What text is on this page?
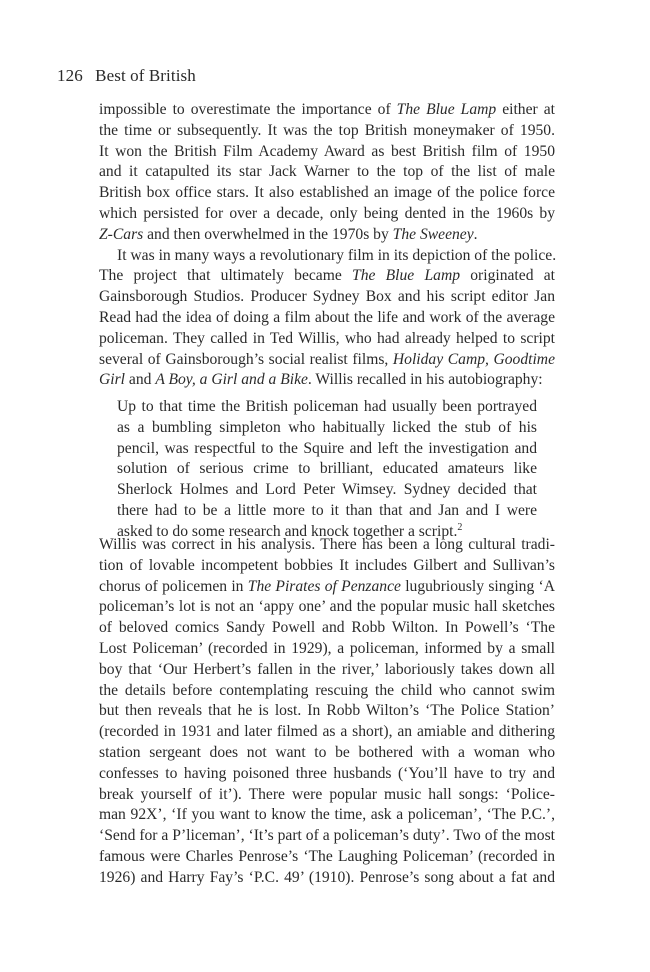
126 Best of British
impossible to overestimate the importance of The Blue Lamp either at
the time or subsequently. It was the top British moneymaker of 1950.
It won the British Film Academy Award as best British film of 1950
and it catapulted its star Jack Warner to the top of the list of male
British box office stars. It also established an image of the police force
which persisted for over a decade, only being dented in the 1960s by
Z-Cars and then overwhelmed in the 1970s by The Sweeney.
It was in many ways a revolutionary film in its depiction of the police.
The project that ultimately became The Blue Lamp originated at
Gainsborough Studios. Producer Sydney Box and his script editor Jan
Read had the idea of doing a film about the life and work of the average
policeman. They called in Ted Willis, who had already helped to script
several of Gainsborough’s social realist films, Holiday Camp, Goodtime
Girl and A Boy, a Girl and a Bike. Willis recalled in his autobiography:
Up to that time the British policeman had usually been portrayed
as a bumbling simpleton who habitually licked the stub of his
pencil, was respectful to the Squire and left the investigation and
solution of serious crime to brilliant, educated amateurs like
Sherlock Holmes and Lord Peter Wimsey. Sydney decided that
there had to be a little more to it than that and Jan and I were
asked to do some research and knock together a script.$^2$
Willis was correct in his analysis. There has been a long cultural tradi-
tion of lovable incompetent bobbies It includes Gilbert and Sullivan’s
chorus of policemen in The Pirates of Penzance lugubriously singing ‘A
policeman’s lot is not an ‘appy one’ and the popular music hall sketches
of beloved comics Sandy Powell and Robb Wilton. In Powell’s ‘The
Lost Policeman’ (recorded in 1929), a policeman, informed by a small
boy that ‘Our Herbert’s fallen in the river,’ laboriously takes down all
the details before contemplating rescuing the child who cannot swim
but then reveals that he is lost. In Robb Wilton’s ‘The Police Station’
(recorded in 1931 and later filmed as a short), an amiable and dithering
station sergeant does not want to be bothered with a woman who
confesses to having poisoned three husbands (‘You’ll have to try and
break yourself of it’). There were popular music hall songs: ‘Police-
man 92X’, ‘If you want to know the time, ask a policeman’, ‘The P.C.’,
‘Send for a P’liceman’, ‘It’s part of a policeman’s duty’. Two of the most
famous were Charles Penrose’s ‘The Laughing Policeman’ (recorded in
1926) and Harry Fay’s ‘P.C. 49’ (1910). Penrose’s song about a fat and
